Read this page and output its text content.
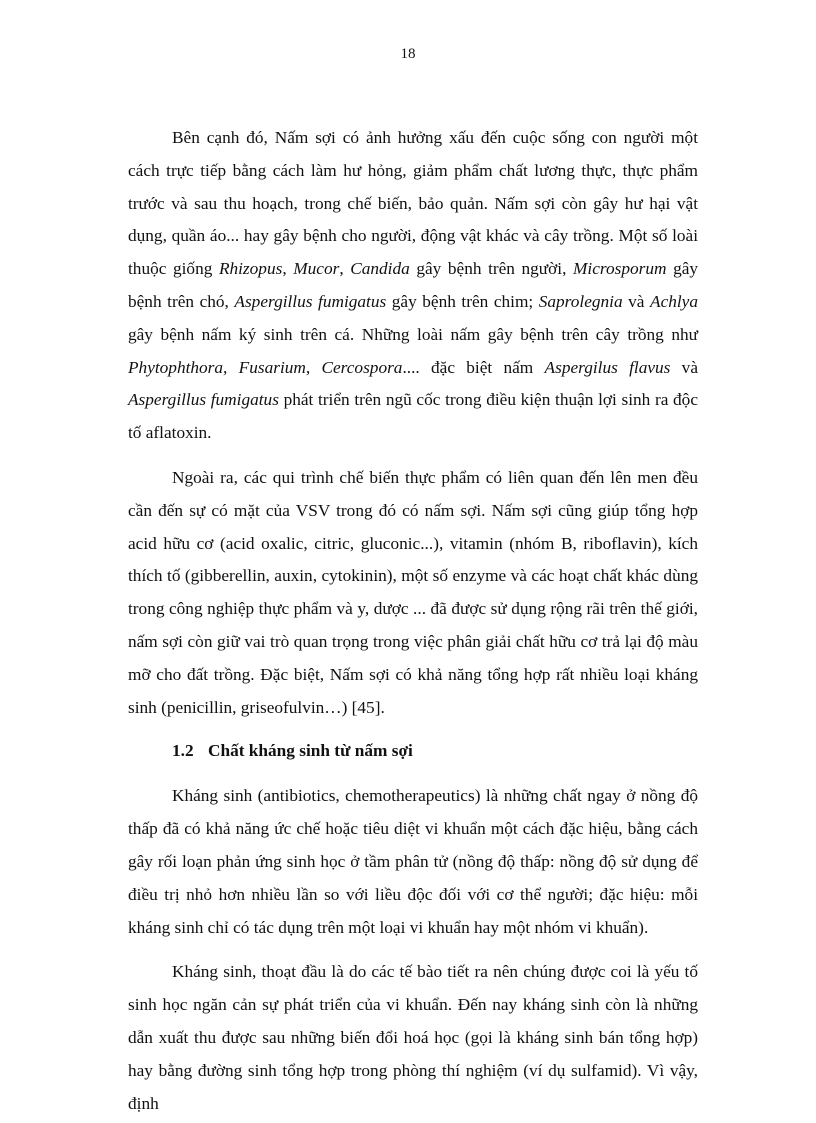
18

Bên cạnh đó, Nấm sợi có ảnh hưởng xấu đến cuộc sống con người một cách trực tiếp bằng cách làm hư hỏng, giảm phẩm chất lương thực, thực phẩm trước và sau thu hoạch, trong chế biến, bảo quản. Nấm sợi còn gây hư hại vật dụng, quần áo... hay gây bệnh cho người, động vật khác và cây trồng. Một số loài thuộc giống Rhizopus, Mucor, Candida gây bệnh trên người, Microsporum gây bệnh trên chó, Aspergillus fumigatus gây bệnh trên chim; Saprolegnia và Achlya gây bệnh nấm ký sinh trên cá. Những loài nấm gây bệnh trên cây trồng như Phytophthora, Fusarium, Cercospora.... đặc biệt nấm Aspergilus flavus và Aspergillus fumigatus phát triển trên ngũ cốc trong điều kiện thuận lợi sinh ra độc tố aflatoxin.

Ngoài ra, các qui trình chế biến thực phẩm có liên quan đến lên men đều cần đến sự có mặt của VSV trong đó có nấm sợi. Nấm sợi cũng giúp tổng hợp acid hữu cơ (acid oxalic, citric, gluconic...), vitamin (nhóm B, riboflavin), kích thích tố (gibberellin, auxin, cytokinin), một số enzyme và các hoạt chất khác dùng trong công nghiệp thực phẩm và y, dược ... đã được sử dụng rộng rãi trên thế giới, nấm sợi còn giữ vai trò quan trọng trong việc phân giải chất hữu cơ trả lại độ màu mỡ cho đất trồng. Đặc biệt, Nấm sợi có khả năng tổng hợp rất nhiều loại kháng sinh (penicillin, griseofulvin…) [45].

1.2 Chất kháng sinh từ nấm sợi

Kháng sinh (antibiotics, chemotherapeutics) là những chất ngay ở nồng độ thấp đã có khả năng ức chế hoặc tiêu diệt vi khuẩn một cách đặc hiệu, bằng cách gây rối loạn phản ứng sinh học ở tầm phân tử (nồng độ thấp: nồng độ sử dụng để điều trị nhỏ hơn nhiều lần so với liều độc đối với cơ thể người; đặc hiệu: mỗi kháng sinh chỉ có tác dụng trên một loại vi khuẩn hay một nhóm vi khuẩn).

Kháng sinh, thoạt đầu là do các tế bào tiết ra nên chúng được coi là yếu tố sinh học ngăn cản sự phát triển của vi khuẩn. Đến nay kháng sinh còn là những dẫn xuất thu được sau những biến đổi hoá học (gọi là kháng sinh bán tổng hợp) hay bằng đường sinh tổng hợp trong phòng thí nghiệm (ví dụ sulfamid). Vì vậy, định
